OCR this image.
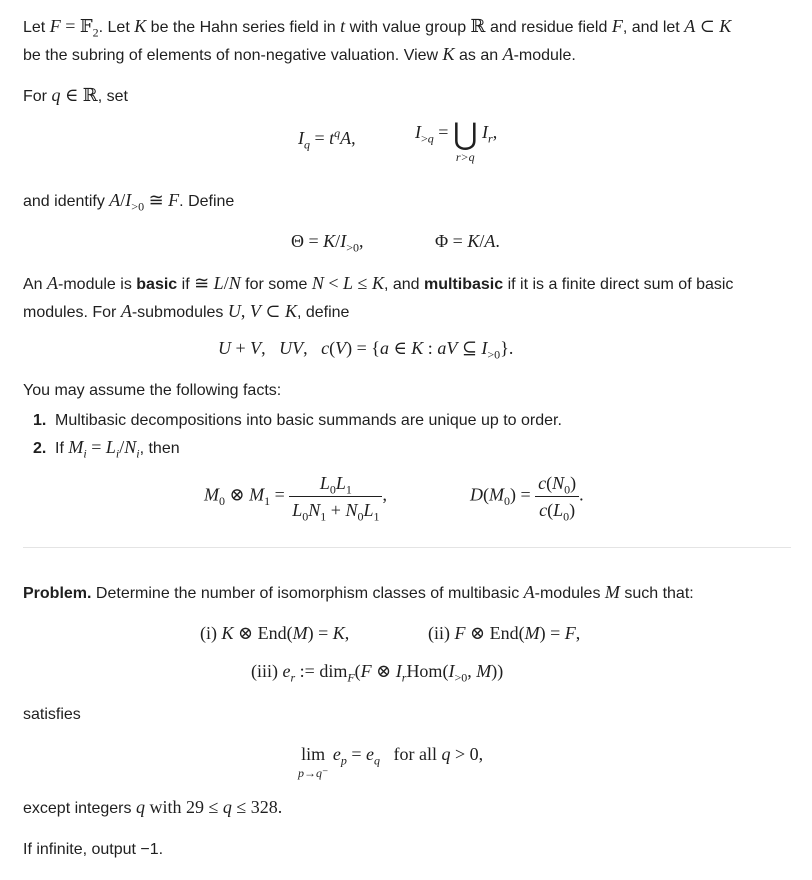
Let F = 𝔽$_2$. Let K be the Hahn series field in t with value group ℝ and residue field F, and let A ⊂ K
be the subring of elements of non-negative valuation. View K as an A-module.

For q ∈ ℝ, set

$I_q = t^qA$,	$I_{>q}$ = ⋃
r>q
$I_r$,

and identify $A/I_{>0}$ ≅ F. Define

$\Theta = K/I_{>0}$,	Φ = K/A.

An A-module is basic if ≅ L/N for some N < L ≤ K, and multibasic if it is a finite direct sum of basic
modules. For A-submodules U, V ⊂ K, define

U + V,   UV,   c(V) = {a ∈ K : aV ⊆ $I_{>0}$}.

You may assume the following facts:

1. Multibasic decompositions into basic summands are unique up to order.
2. If $M_i = L_i/N_i$, then
$M_0$ ⊗ $M_1 = \frac{L_0L_1}{L_0N_1 + N_0L_1}$ ,	$D(M_0) = \frac{c(N_0)}{c(L_0)}$ .

Problem. Determine the number of isomorphism classes of multibasic A-modules M such that:

(i) K ⊗ End(M) = K,	(ii) F ⊗ End(M) = F,
(iii) $e_r$ := dim$_F$(F ⊗ $I_rHom(I_{>0}$, M))

satisfies

lim
p→q⁻
$e_p = e_q$ for all q > 0,

except integers q with 29 ≤ q ≤ 328.

If infinite, output −1.
